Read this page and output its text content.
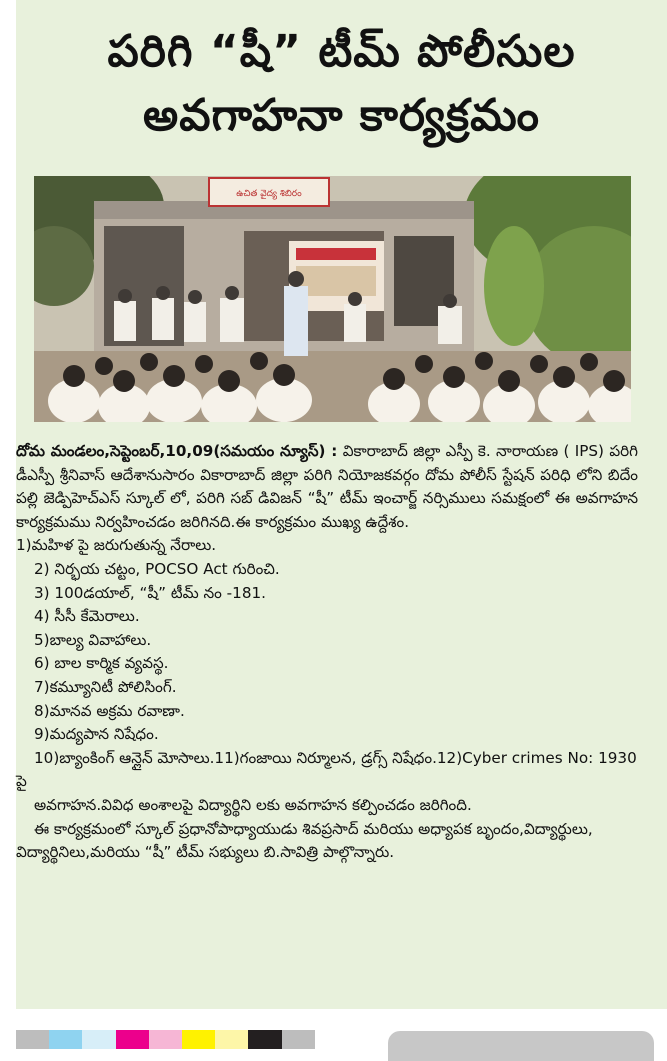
పరిగి “షీ” టీమ్ పోలీసుల
అవగాహనా కార్యక్రమం
ఉచిత వైద్య శిబిరం

దోమ మండలం,సెప్టెంబర్,10,09(సమయం న్యూస్) : వికారాబాద్ జిల్లా ఎస్పీ కె. నారాయణ ( IPS) పరిగి డీఎస్పీ శ్రీనివాస్ ఆదేశానుసారం వికారాబాద్ జిల్లా పరిగి నియోజకవర్గం దోమ పోలీస్ స్టేషన్ పరిధి లోని బిదేం పల్లి జెడ్పిహెచ్ఎస్ స్కూల్ లో, పరిగి సబ్ డివిజన్ “షీ” టీమ్ ఇంచార్జ్ నర్సిములు సమక్షంలో ఈ అవగాహన కార్యక్రమము నిర్వహించడం జరిగినది.ఈ కార్యక్రమం ముఖ్య ఉద్దేశం.

1)మహిళ పై జరుగుతున్న నేరాలు.

2) నిర్భయ చట్టం, POCSO Act గురించి.

3) 100డయాల్, “షీ” టీమ్ నం -181.

4) సీసీ కేమెరాలు.

5)బాల్య వివాహాలు.

6) బాల కార్మిక వ్యవస్థ.

7)కమ్యూనిటీ పోలిసింగ్.

8)మానవ అక్రమ రవాణా.

9)మద్యపాన నిషేధం.

10)బ్యాంకింగ్ ఆన్లైన్ మోసాలు.11)గంజాయి నిర్మూలన, డ్రగ్స్ నిషేధం.12)Cyber crimes No: 1930 పై

అవగాహన.వివిధ అంశాలపై విద్యార్థిని లకు అవగాహన కల్పించడం జరిగింది.

ఈ కార్యక్రమంలో స్కూల్ ప్రధానోపాధ్యాయుడు శివప్రసాద్ మరియు అధ్యాపక బృందం,విద్యార్థులు, విద్యార్థినిలు,మరియు “షీ” టీమ్ సభ్యులు బి.సావిత్రి పాల్గొన్నారు.
